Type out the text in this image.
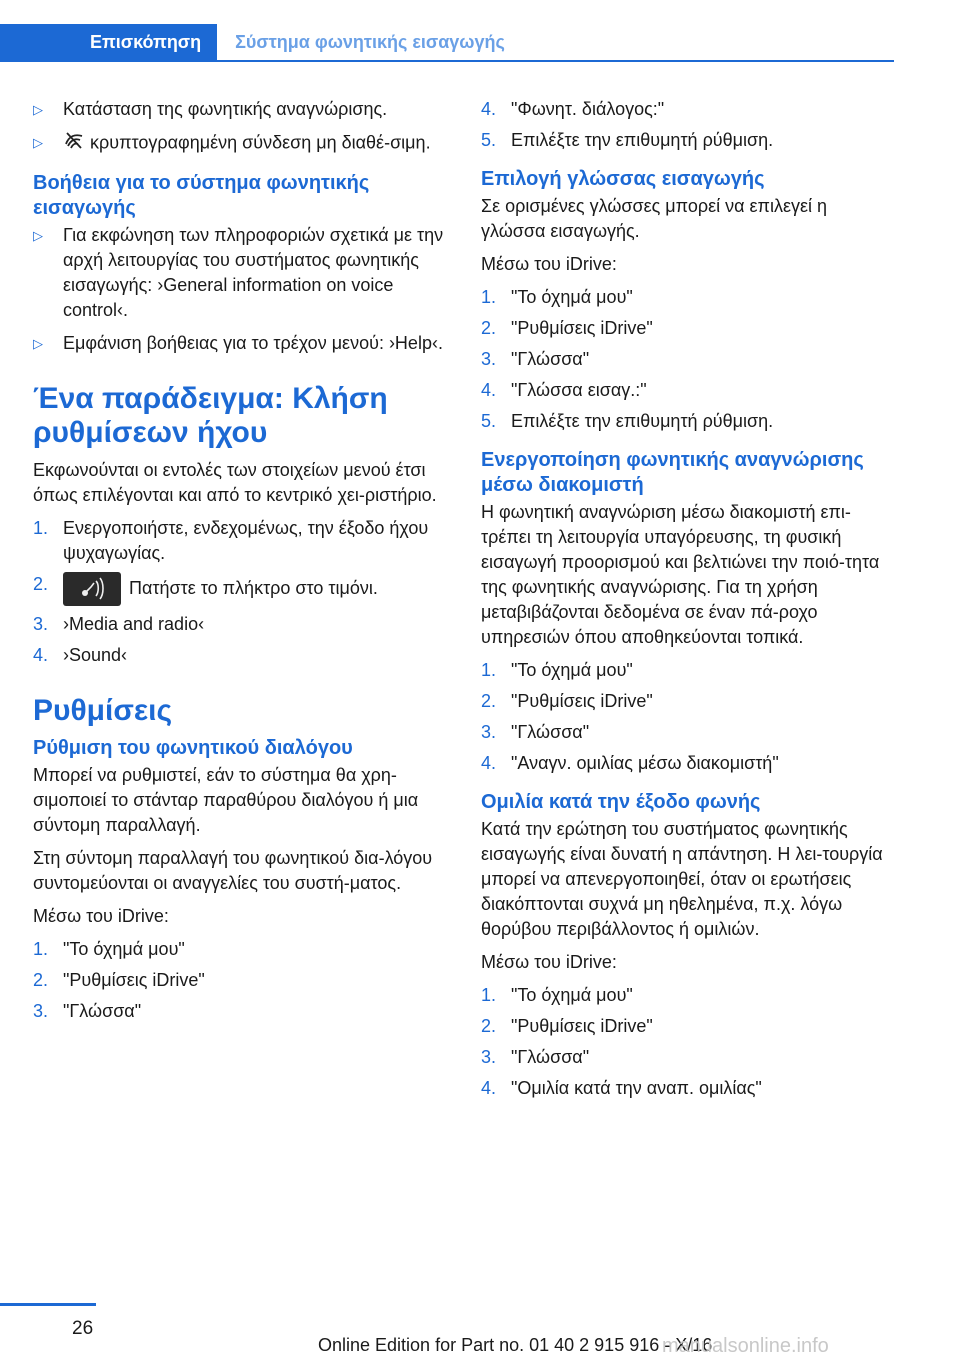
Επισκόπηση	Σύστημα φωνητικής εισαγωγής
▷	Κατάσταση της φωνητικής αναγνώρισης.
▷	κρυπτογραφημένη σύνδεση μη διαθέ‐σιμη.
Βοήθεια για το σύστημα φωνητικής εισαγωγής
▷	Για εκφώνηση των πληροφοριών σχετικά με την αρχή λειτουργίας του συστήματος φωνητικής εισαγωγής: ›General information on voice control‹.
▷	Εμφάνιση βοήθειας για το τρέχον μενού: ›Help‹.
Ένα παράδειγμα: Κλήση ρυθμίσεων ήχου

Εκφωνούνται οι εντολές των στοιχείων μενού έτσι όπως επιλέγονται και από το κεντρικό χει‐ριστήριο.

1. Ενεργοποιήστε, ενδεχομένως, την έξοδο ήχου ψυχαγωγίας.
2.	Πατήστε το πλήκτρο στο τιμόνι.
3. ›Media and radio‹
4. ›Sound‹
Ρυθμίσεις
Ρύθμιση του φωνητικού διαλόγου

Μπορεί να ρυθμιστεί, εάν το σύστημα θα χρη‐σιμοποιεί το στάνταρ παραθύρου διαλόγου ή μια σύντομη παραλλαγή.

Στη σύντομη παραλλαγή του φωνητικού δια‐λόγου συντομεύονται οι αναγγελίες του συστή‐ματος.

Μέσω του iDrive:

1. "Το όχημά μου"
2. "Ρυθμίσεις iDrive"
3. "Γλώσσα"
4. "Φωνητ. διάλογος:"
5. Επιλέξτε την επιθυμητή ρύθμιση.
Επιλογή γλώσσας εισαγωγής

Σε ορισμένες γλώσσες μπορεί να επιλεγεί η γλώσσα εισαγωγής.

Μέσω του iDrive:

1. "Το όχημά μου"
2. "Ρυθμίσεις iDrive"
3. "Γλώσσα"
4. "Γλώσσα εισαγ.:"
5. Επιλέξτε την επιθυμητή ρύθμιση.
Ενεργοποίηση φωνητικής αναγνώρισης μέσω διακομιστή

Η φωνητική αναγνώριση μέσω διακομιστή επι‐τρέπει τη λειτουργία υπαγόρευσης, τη φυσική εισαγωγή προορισμού και βελτιώνει την ποιό‐τητα της φωνητικής αναγνώρισης. Για τη χρήση μεταβιβάζονται δεδομένα σε έναν πά‐ροχο υπηρεσιών όπου αποθηκεύονται τοπικά.

1. "Το όχημά μου"
2. "Ρυθμίσεις iDrive"
3. "Γλώσσα"
4. "Αναγν. ομιλίας μέσω διακομιστή"
Ομιλία κατά την έξοδο φωνής

Κατά την ερώτηση του συστήματος φωνητικής εισαγωγής είναι δυνατή η απάντηση. Η λει‐τουργία μπορεί να απενεργοποιηθεί, όταν οι ερωτήσεις διακόπτονται συχνά μη ηθελημένα, π.χ. λόγω θορύβου περιβάλλοντος ή ομιλιών.

Μέσω του iDrive:

1. "Το όχημά μου"
2. "Ρυθμίσεις iDrive"
3. "Γλώσσα"
4. "Ομιλία κατά την αναπ. ομιλίας"
26
Online Edition for Part no. 01 40 2 915 916 - X/16
manualsonline.info
